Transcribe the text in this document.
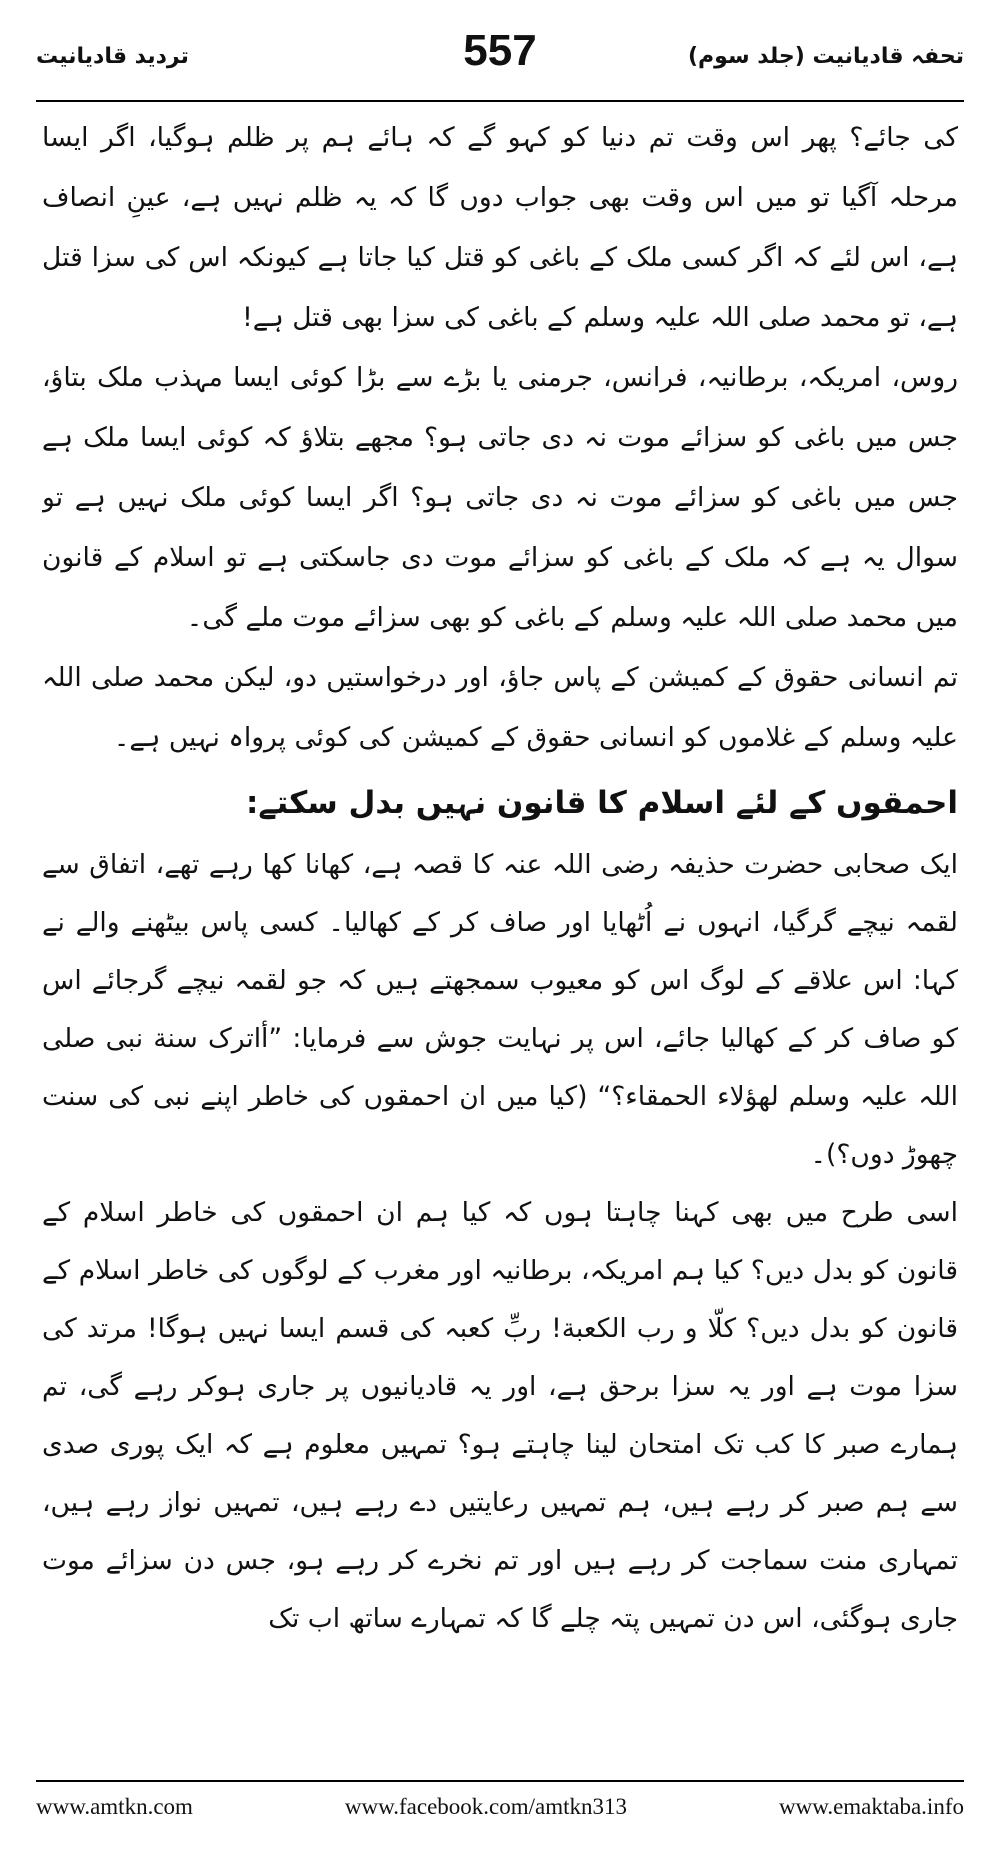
تحفہ قادیانیت (جلد سوم)
557
تردید قادیانیت

کی جائے؟ پھر اس وقت تم دنیا کو کہو گے کہ ہائے ہم پر ظلم ہوگیا، اگر ایسا مرحلہ آگیا تو میں اس وقت بھی جواب دوں گا کہ یہ ظلم نہیں ہے، عینِ انصاف ہے، اس لئے کہ اگر کسی ملک کے باغی کو قتل کیا جاتا ہے کیونکہ اس کی سزا قتل ہے، تو محمد صلی اللہ علیہ وسلم کے باغی کی سزا بھی قتل ہے!

روس، امریکہ، برطانیہ، فرانس، جرمنی یا بڑے سے بڑا کوئی ایسا مہذب ملک بتاؤ، جس میں باغی کو سزائے موت نہ دی جاتی ہو؟ مجھے بتلاؤ کہ کوئی ایسا ملک ہے جس میں باغی کو سزائے موت نہ دی جاتی ہو؟ اگر ایسا کوئی ملک نہیں ہے تو سوال یہ ہے کہ ملک کے باغی کو سزائے موت دی جاسکتی ہے تو اسلام کے قانون میں محمد صلی اللہ علیہ وسلم کے باغی کو بھی سزائے موت ملے گی۔

تم انسانی حقوق کے کمیشن کے پاس جاؤ، اور درخواستیں دو، لیکن محمد صلی اللہ علیہ وسلم کے غلاموں کو انسانی حقوق کے کمیشن کی کوئی پرواہ نہیں ہے۔

احمقوں کے لئے اسلام کا قانون نہیں بدل سکتے:

ایک صحابی حضرت حذیفہ رضی اللہ عنہ کا قصہ ہے، کھانا کھا رہے تھے، اتفاق سے لقمہ نیچے گرگیا، انہوں نے اُٹھایا اور صاف کر کے کھالیا۔ کسی پاس بیٹھنے والے نے کہا: اس علاقے کے لوگ اس کو معیوب سمجھتے ہیں کہ جو لقمہ نیچے گرجائے اس کو صاف کر کے کھالیا جائے، اس پر نہایت جوش سے فرمایا: ”أاترک سنة نبی صلی اللہ علیہ وسلم لهؤلاء الحمقاء؟“ (کیا میں ان احمقوں کی خاطر اپنے نبی کی سنت چھوڑ دوں؟)۔

اسی طرح میں بھی کہنا چاہتا ہوں کہ کیا ہم ان احمقوں کی خاطر اسلام کے قانون کو بدل دیں؟ کیا ہم امریکہ، برطانیہ اور مغرب کے لوگوں کی خاطر اسلام کے قانون کو بدل دیں؟ کلّا و رب الکعبة! ربِّ کعبہ کی قسم ایسا نہیں ہوگا! مرتد کی سزا موت ہے اور یہ سزا برحق ہے، اور یہ قادیانیوں پر جاری ہوکر رہے گی، تم ہمارے صبر کا کب تک امتحان لینا چاہتے ہو؟ تمہیں معلوم ہے کہ ایک پوری صدی سے ہم صبر کر رہے ہیں، ہم تمہیں رعایتیں دے رہے ہیں، تمہیں نواز رہے ہیں، تمہاری منت سماجت کر رہے ہیں اور تم نخرے کر رہے ہو، جس دن سزائے موت جاری ہوگئی، اس دن تمہیں پتہ چلے گا کہ تمہارے ساتھ اب تک

www.amtkn.com	www.facebook.com/amtkn313	www.emaktaba.info
